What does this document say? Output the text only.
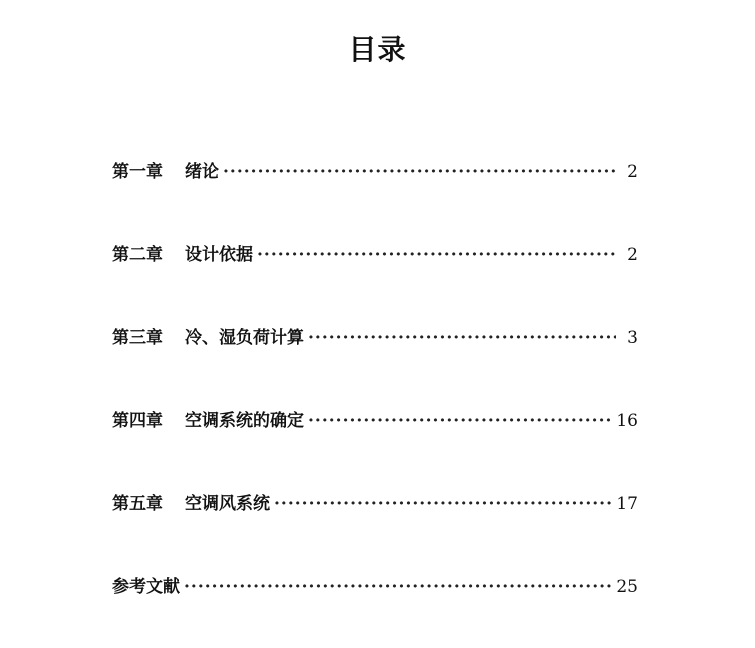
目录
第一章 绪论 ·····	2
第二章 设计依据 ·····	2
第三章 冷、湿负荷计算 ·····	3
第四章 空调系统的确定 ·····	16
第五章 空调风系统 ·····	17
参考文献 ·····	25
